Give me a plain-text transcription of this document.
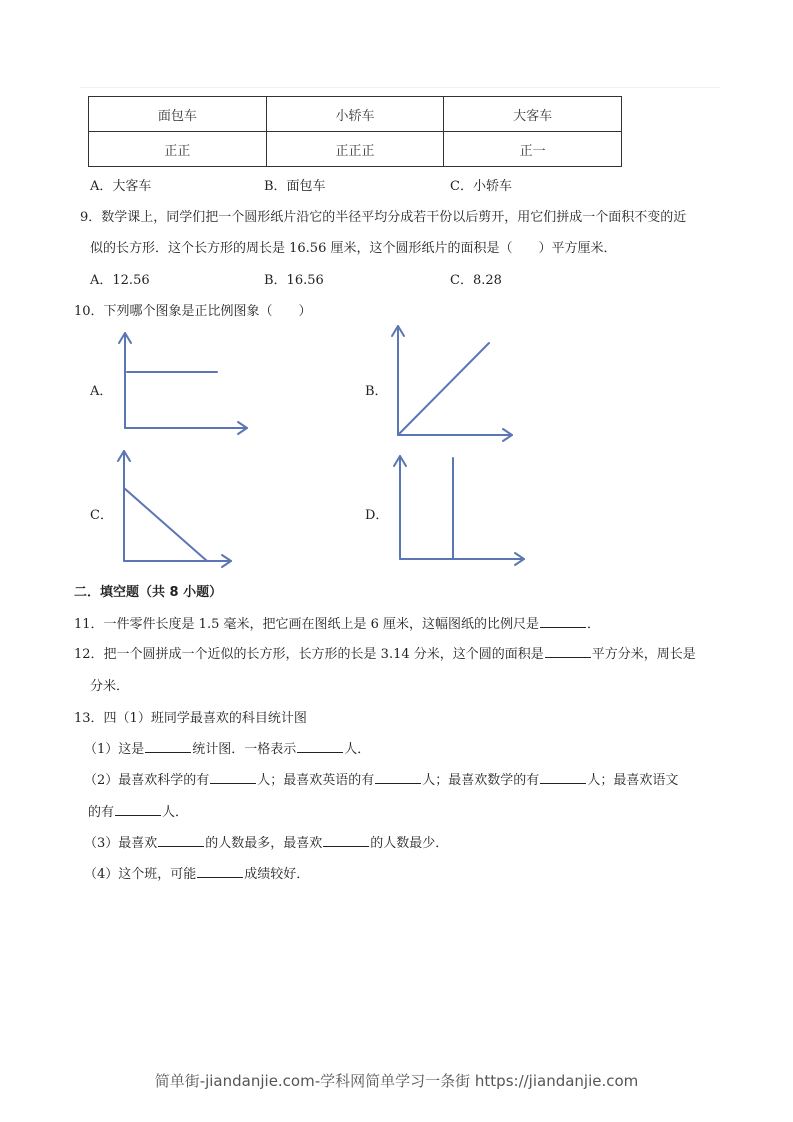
面包车	小轿车	大客车
正正	正正正	正一
A．大客车	B．面包车	C．小轿车
9．数学课上，同学们把一个圆形纸片沿它的半径平均分成若干份以后剪开，用它们拼成一个面积不变的近
似的长方形．这个长方形的周长是 16.56 厘米，这个圆形纸片的面积是（　　）平方厘米．
A．12.56	B．16.56	C．8.28
10．下列哪个图象是正比例图象（　　）
A．	B．
C．	D．
二．填空题（共 8 小题）
11．一件零件长度是 1.5 毫米，把它画在图纸上是 6 厘米，这幅图纸的比例尺是	．
12．把一个圆拼成一个近似的长方形，长方形的长是 3.14 分米，这个圆的面积是	平方分米，周长是
分米．
13．四（1）班同学最喜欢的科目统计图
（1）这是	统计图．一格表示	人．
（2）最喜欢科学的有	人；最喜欢英语的有	人；最喜欢数学的有	人；最喜欢语文
的有	人．
（3）最喜欢	的人数最多，最喜欢	的人数最少．
（4）这个班，可能	成绩较好．
简单街-jiandanjie.com-学科网简单学习一条街 https://jiandanjie.com
